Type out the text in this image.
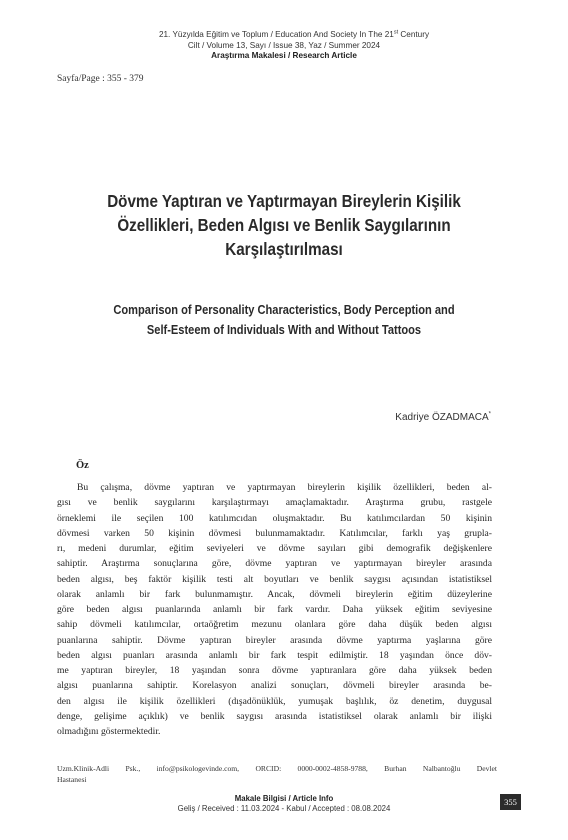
21. Yüzyılda Eğitim ve Toplum / Education And Society In The 21st Century
Cilt / Volume 13, Sayı / Issue 38, Yaz / Summer 2024
Araştırma Makalesi / Research Article
Sayfa/Page : 355 - 379
Dövme Yaptıran ve Yaptırmayan Bireylerin Kişilik
Özellikleri, Beden Algısı ve Benlik Saygılarının
Karşılaştırılması
Comparison of Personality Characteristics, Body Perception and
Self-Esteem of Individuals With and Without Tattoos
Kadriye ÖZADMACA*
Öz
Bu çalışma, dövme yaptıran ve yaptırmayan bireylerin kişilik özellikleri, beden al-
gısı ve benlik saygılarını karşılaştırmayı amaçlamaktadır. Araştırma grubu, rastgele
örneklemi ile seçilen 100 katılımcıdan oluşmaktadır. Bu katılımcılardan 50 kişinin
dövmesi varken 50 kişinin dövmesi bulunmamaktadır. Katılımcılar, farklı yaş grupla-
rı, medeni durumlar, eğitim seviyeleri ve dövme sayıları gibi demografik değişkenlere
sahiptir. Araştırma sonuçlarına göre, dövme yaptıran ve yaptırmayan bireyler arasında
beden algısı, beş faktör kişilik testi alt boyutları ve benlik saygısı açısından istatistiksel
olarak anlamlı bir fark bulunmamıştır. Ancak, dövmeli bireylerin eğitim düzeylerine
göre beden algısı puanlarında anlamlı bir fark vardır. Daha yüksek eğitim seviyesine
sahip dövmeli katılımcılar, ortaöğretim mezunu olanlara göre daha düşük beden algısı
puanlarına sahiptir. Dövme yaptıran bireyler arasında dövme yaptırma yaşlarına göre
beden algısı puanları arasında anlamlı bir fark tespit edilmiştir. 18 yaşından önce döv-
me yaptıran bireyler, 18 yaşından sonra dövme yaptıranlara göre daha yüksek beden
algısı puanlarına sahiptir. Korelasyon analizi sonuçları, dövmeli bireyler arasında be-
den algısı ile kişilik özellikleri (dışadönüklük, yumuşak başlılık, öz denetim, duygusal
denge, gelişime açıklık) ve benlik saygısı arasında istatistiksel olarak anlamlı bir ilişki
olmadığını göstermektedir.
Uzm.Klinik-Adli Psk., info@psikologevinde.com, ORCID: 0000-0002-4858-9788, Burhan Nalbantoğlu Devlet
Hastanesi
Makale Bilgisi / Article Info
Geliş / Received : 11.03.2024 - Kabul / Accepted : 08.08.2024
355
